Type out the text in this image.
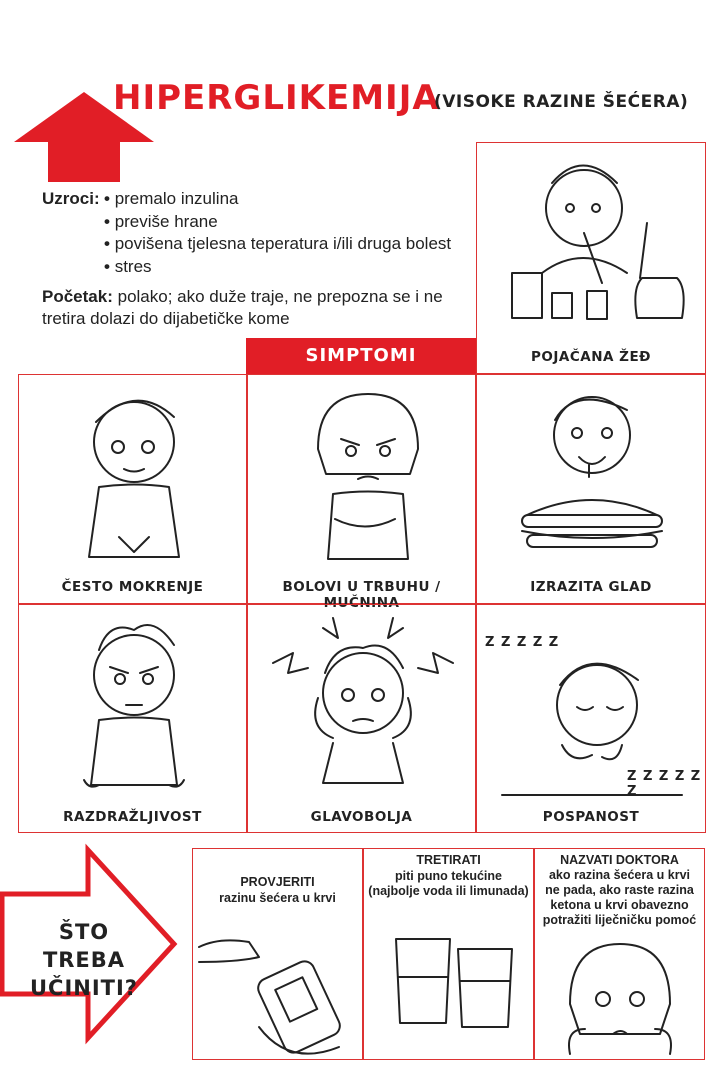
HIPERGLIKEMIJA
(VISOKE RAZINE ŠEĆERA)
Uzroci:
• premalo inzulina
• previše hrane
• povišena tjelesna teperatura i/ili druga bolest
• stres
Početak: polako; ako duže traje, ne prepozna se i ne tretira dolazi do dijabetičke kome
POJAČANA ŽEĐ
SIMPTOMI
ČESTO MOKRENJE	BOLOVI U TRBUHU / MUČNINA
IZRAZITA GLAD
RAZDRAŽLJIVOST	GLAVOBOLJA
Z Z Z Z Z
Z Z Z Z Z Z
POSPANOST
ŠTO TREBA
UČINITI?
PROVJERITI
razinu šećera u krvi
TRETIRATI
piti puno tekućine
(najbolje voda ili limunada)
NAZVATI DOKTORA
ako razina šećera u krvi
ne pada, ako raste razina
ketona u krvi obavezno
potražiti liječničku pomoć
